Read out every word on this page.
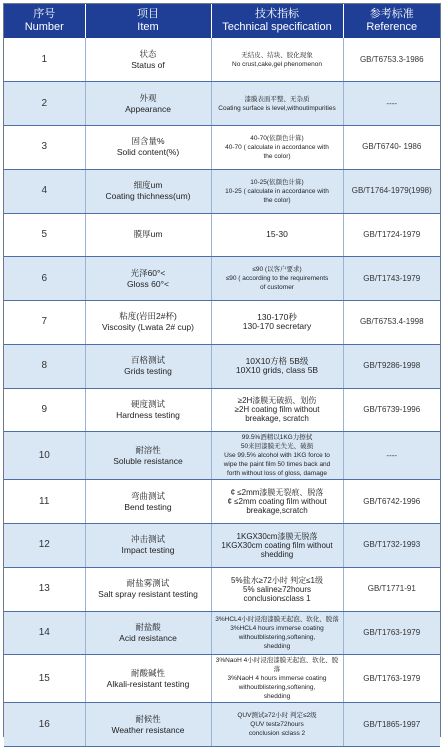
序号
Number	项目
Item	技术指标
Technical specification	参考标准
Reference

1	状态
Status of	无结皮、结块、胶化现象
No crust,cake,gel phenomenon	GB/T6753.3-1986
2	外观
Appearance	漆膜表面平整、无杂质
Coating surface is level,withoutimpurities	----
3	固含量%
Solid content(%)	40-70(依颜色计算)
40-70 ( calculate in accordance with
the color)	GB/T6740- 1986
4	细度um
Coating thichness(um)	10-25(依颜色计算)
10-25 ( calculate in accordance with
the color)	GB/T1764-1979(1998)
5	膜厚um	15-30	GB/T1724-1979
6	光泽60°<
Gloss 60°<	≤90 (以客户要求)
≤90 ( according to the requirements
of customer	GB/T1743-1979
7	粘度(岩田2#杯)
Viscosity (Lwata 2# cup)	130-170秒
130-170 secretary	GB/T6753.4-1998
8	百格测试
Grids testing	10X10方格 5B级
10X10 grids, class 5B	GB/T9286-1998
9	硬度测试
Hardness testing	≥2H漆膜无破损、划伤
≥2H coating film without
breakage, scratch	GB/T6739-1996
10	耐溶性
Soluble resistance	99.5%酒精以1KG力擦拭
50来回漆膜无失光、破损
Use 99.5% alcohol with 1KG force to
wipe the paint film 50 times back and
forth without loss of gloss, damage	----
11	弯曲测试
Bend testing	¢ ≤2mm漆膜无裂痕、脱落
¢ ≤2mm coating film without
breakage,scratch	GB/T6742-1996
12	冲击测试
Impact testing	1KGX30cm漆膜无脱落
1KGX30cm coating film without
shedding	GB/T1732-1993
13	耐盐雾测试
Salt spray resistant testing	5%盐水≥72小时 判定≤1级
5% saline≥72hours
conclusion≤class 1	GB/T1771-91
14	耐盐酸
Acid resistance	3%HCL4小时浸泡漆膜无起泡、软化、脱落
3%HCL4 hours immerse coating
withoutblistering,softening,
shedding	GB/T1763-1979
15	耐酸碱性
Alkali-resistant testing	3%NaoH 4小时浸泡漆膜无起泡、软化、脱落
3%NaoH 4 hours immerse coating
withoutblistering,softening,
shedding	GB/T1763-1979
16	耐候性
Weather resistance	QUV测试≥72小时 判定≤2级
QUV test≥72hours
conclusion ≤class 2	GB/T1865-1997
